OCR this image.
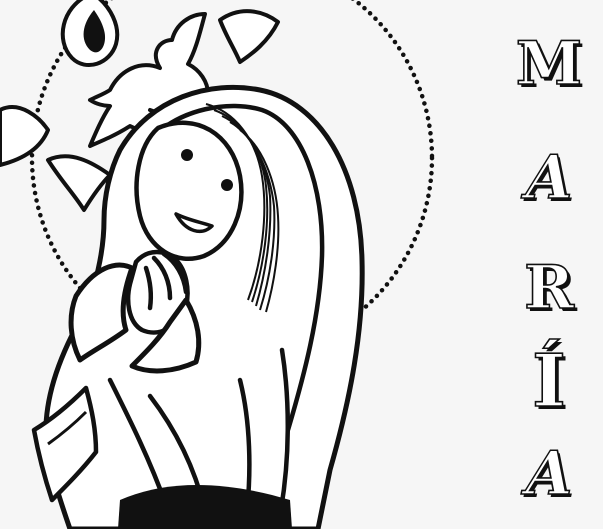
M
A
R
Í
A
